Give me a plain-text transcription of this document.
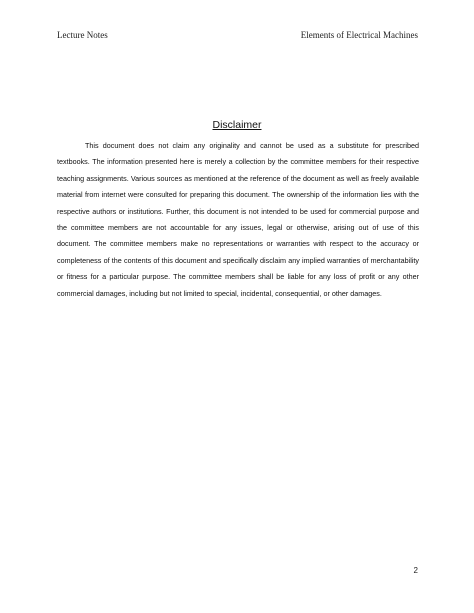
Lecture Notes	Elements of Electrical Machines
Disclaimer

This document does not claim any originality and cannot be used as a substitute for prescribed textbooks. The information presented here is merely a collection by the committee members for their respective teaching assignments. Various sources as mentioned at the reference of the document as well as freely available material from internet were consulted for preparing this document. The ownership of the information lies with the respective authors or institutions. Further, this document is not intended to be used for commercial purpose and the committee members are not accountable for any issues, legal or otherwise, arising out of use of this document. The committee members make no representations or warranties with respect to the accuracy or completeness of the contents of this document and specifically disclaim any implied warranties of merchantability or fitness for a particular purpose. The committee members shall be liable for any loss of profit or any other commercial damages, including but not limited to special, incidental, consequential, or other damages.

2
